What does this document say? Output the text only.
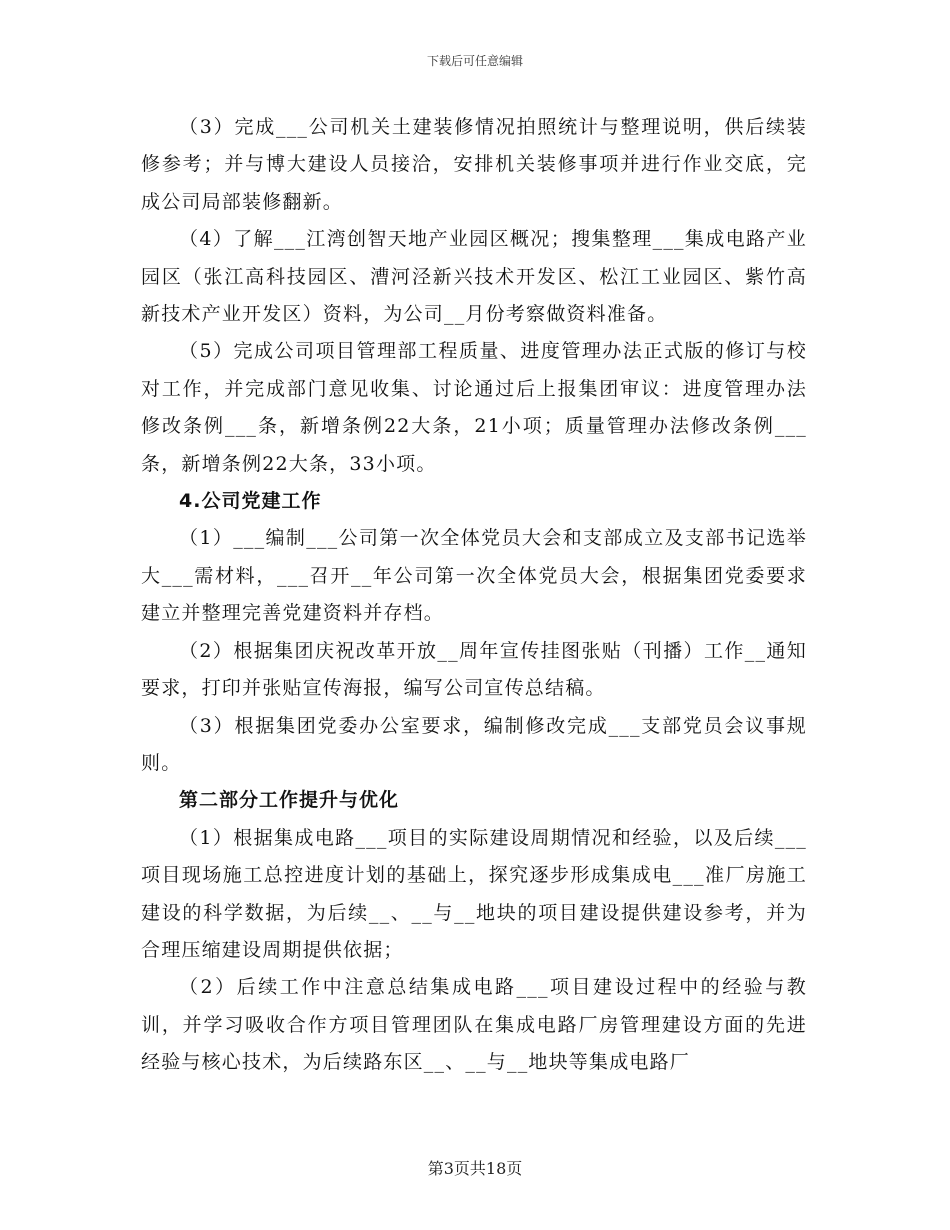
下载后可任意编辑

（3）完成___公司机关土建装修情况拍照统计与整理说明，供后续装修参考；并与博大建设人员接洽，安排机关装修事项并进行作业交底，完成公司局部装修翻新。

（4）了解___江湾创智天地产业园区概况；搜集整理___集成电路产业园区（张江高科技园区、漕河泾新兴技术开发区、松江工业园区、紫竹高新技术产业开发区）资料，为公司__月份考察做资料准备。

（5）完成公司项目管理部工程质量、进度管理办法正式版的修订与校对工作，并完成部门意见收集、讨论通过后上报集团审议：进度管理办法修改条例___条，新增条例22大条，21小项；质量管理办法修改条例___条，新增条例22大条，33小项。

4.公司党建工作

（1）___编制___公司第一次全体党员大会和支部成立及支部书记选举大___需材料，___召开__年公司第一次全体党员大会，根据集团党委要求建立并整理完善党建资料并存档。

（2）根据集团庆祝改革开放__周年宣传挂图张贴（刊播）工作__通知要求，打印并张贴宣传海报，编写公司宣传总结稿。

（3）根据集团党委办公室要求，编制修改完成___支部党员会议事规则。

第二部分工作提升与优化

（1）根据集成电路___项目的实际建设周期情况和经验，以及后续___项目现场施工总控进度计划的基础上，探究逐步形成集成电___准厂房施工建设的科学数据，为后续__、__与__地块的项目建设提供建设参考，并为合理压缩建设周期提供依据；

（2）后续工作中注意总结集成电路___项目建设过程中的经验与教训，并学习吸收合作方项目管理团队在集成电路厂房管理建设方面的先进经验与核心技术，为后续路东区__、__与__地块等集成电路厂

第3页共18页
